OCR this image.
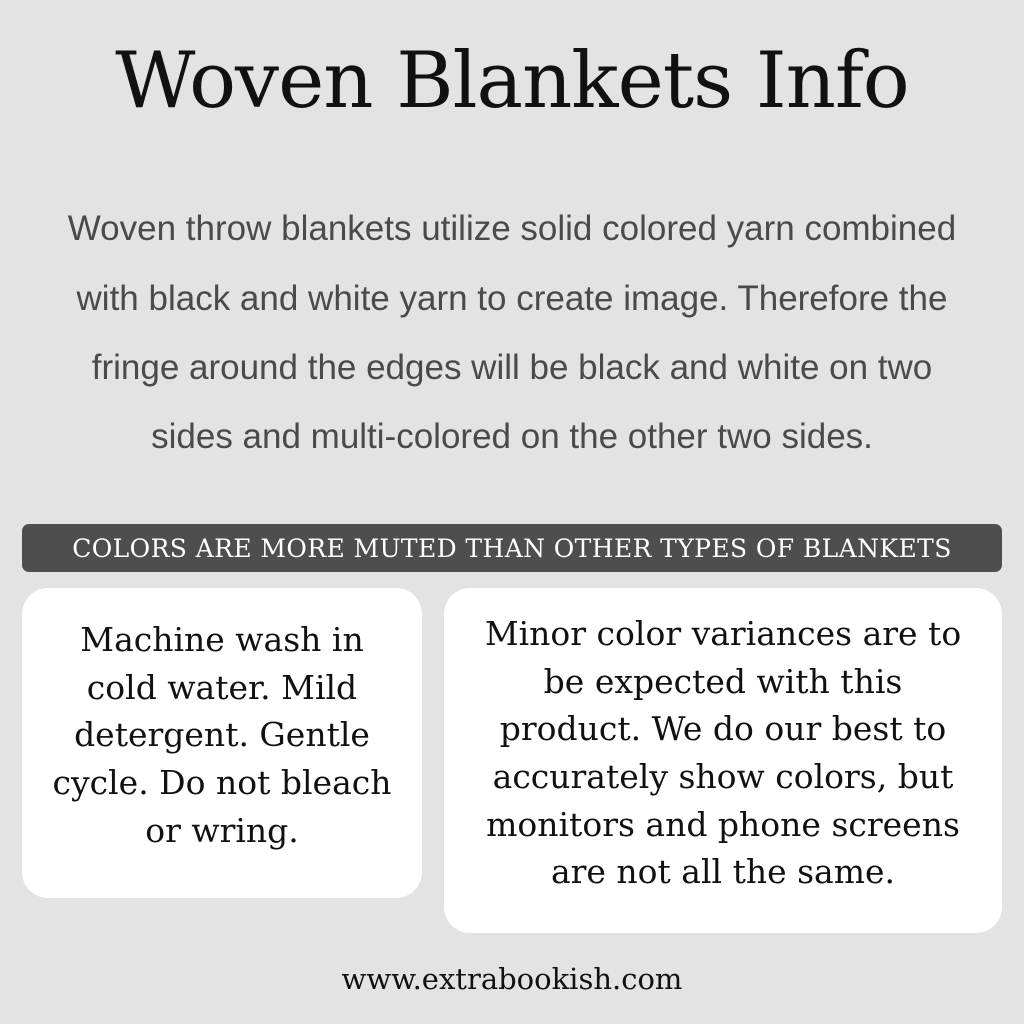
Woven Blankets Info

Woven throw blankets utilize solid colored yarn combined with black and white yarn to create image. Therefore the fringe around the edges will be black and white on two sides and multi-colored on the other two sides.

COLORS ARE MORE MUTED THAN OTHER TYPES OF BLANKETS
Machine wash in cold water. Mild detergent. Gentle cycle. Do not bleach or wring.
Minor color variances are to be expected with this product. We do our best to accurately show colors, but monitors and phone screens are not all the same.
www.extrabookish.com
